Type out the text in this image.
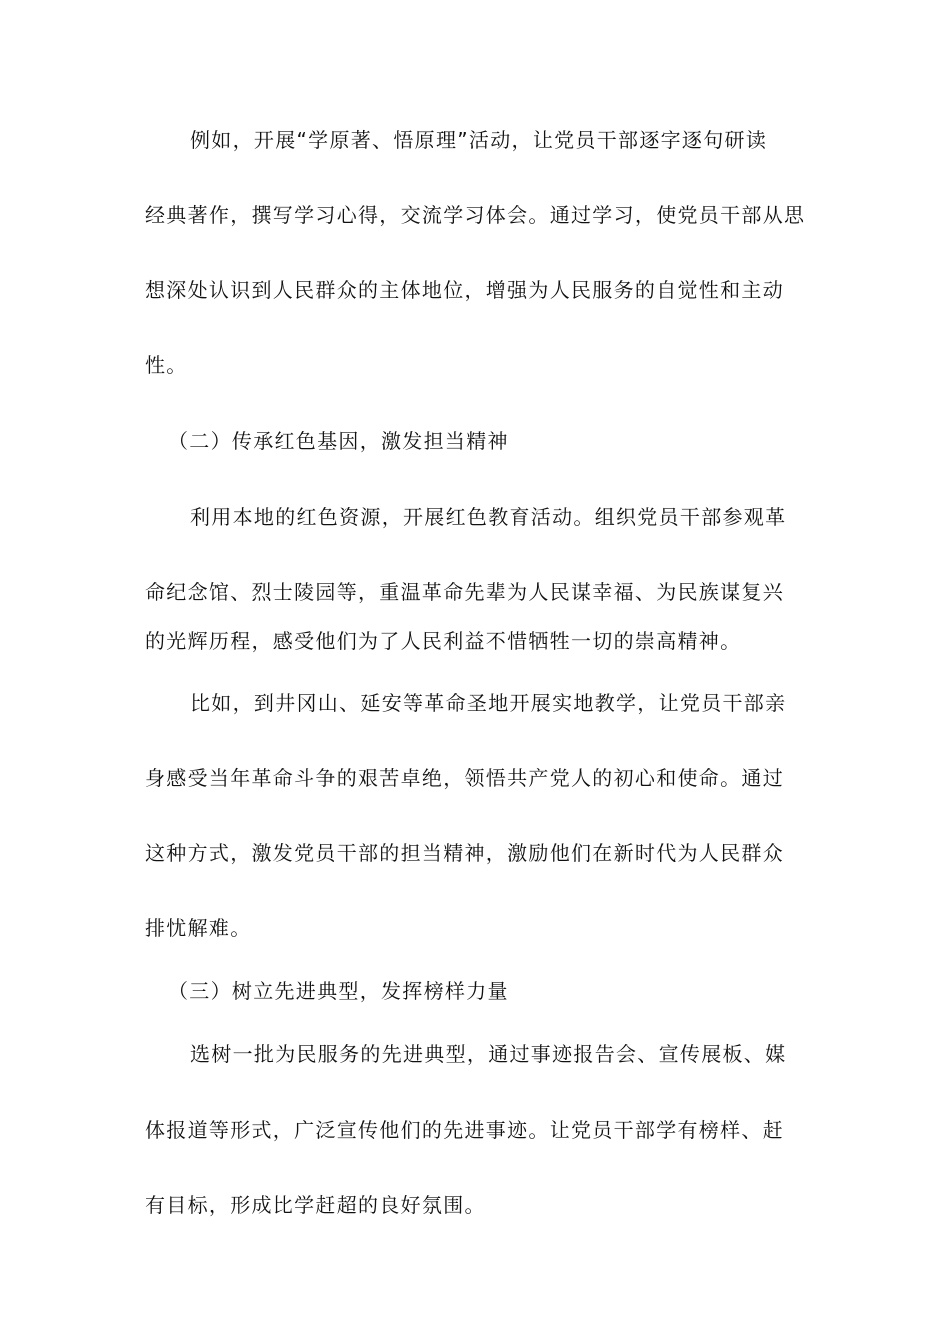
例如，开展“学原著、悟原理”活动，让党员干部逐字逐句研读
经典著作，撰写学习心得，交流学习体会。通过学习，使党员干部从思
想深处认识到人民群众的主体地位，增强为人民服务的自觉性和主动
性。
（二）传承红色基因，激发担当精神
利用本地的红色资源，开展红色教育活动。组织党员干部参观革
命纪念馆、烈士陵园等，重温革命先辈为人民谋幸福、为民族谋复兴
的光辉历程，感受他们为了人民利益不惜牺牲一切的崇高精神。
比如，到井冈山、延安等革命圣地开展实地教学，让党员干部亲
身感受当年革命斗争的艰苦卓绝，领悟共产党人的初心和使命。通过
这种方式，激发党员干部的担当精神，激励他们在新时代为人民群众
排忧解难。
（三）树立先进典型，发挥榜样力量
选树一批为民服务的先进典型，通过事迹报告会、宣传展板、媒
体报道等形式，广泛宣传他们的先进事迹。让党员干部学有榜样、赶
有目标，形成比学赶超的良好氛围。
